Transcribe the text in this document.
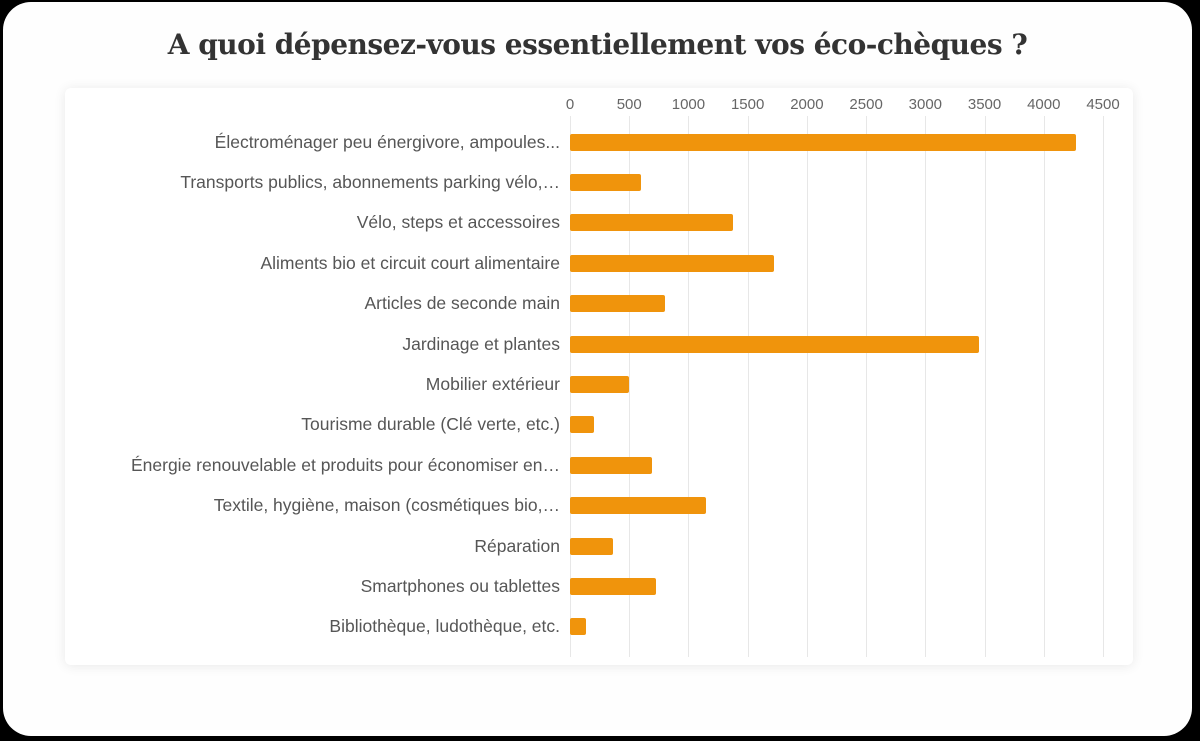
A quoi dépensez-vous essentiellement vos éco-chèques ?
0	500 1000 1500 2000 2500 3000 3500 4000 4500
Électroménager peu énergivore, ampoules...
Transports publics, abonnements parking vélo,…
Vélo, steps et accessoires
Aliments bio et circuit court alimentaire
Articles de seconde main
Jardinage et plantes
Mobilier extérieur
Tourisme durable (Clé verte, etc.)
Énergie renouvelable et produits pour économiser en…
Textile, hygiène, maison (cosmétiques bio,…
Réparation
Smartphones ou tablettes
Bibliothèque, ludothèque, etc.
